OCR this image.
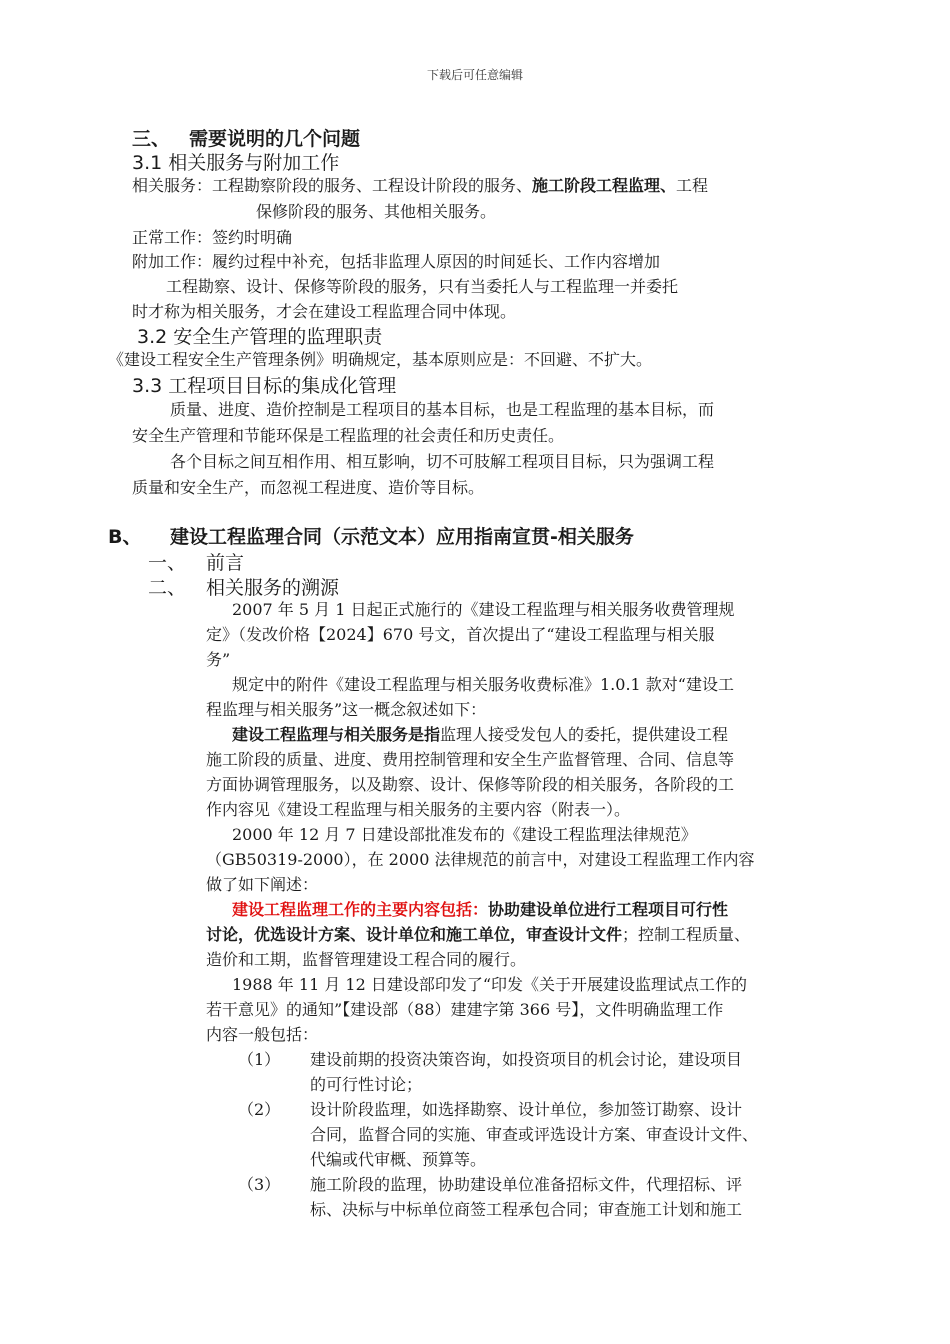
下载后可任意编辑
三、 需要说明的几个问题
3.1 相关服务与附加工作
相关服务：工程勘察阶段的服务、工程设计阶段的服务、施工阶段工程监理、工程
保修阶段的服务、其他相关服务。
正常工作：签约时明确
附加工作：履约过程中补充，包括非监理人原因的时间延长、工作内容增加
工程勘察、设计、保修等阶段的服务，只有当委托人与工程监理一并委托
时才称为相关服务，才会在建设工程监理合同中体现。
3.2 安全生产管理的监理职责
《建设工程安全生产管理条例》明确规定，基本原则应是：不回避、不扩大。
3.3 工程项目目标的集成化管理
质量、进度、造价控制是工程项目的基本目标，也是工程监理的基本目标，而
安全生产管理和节能环保是工程监理的社会责任和历史责任。
各个目标之间互相作用、相互影响，切不可肢解工程项目目标，只为强调工程
质量和安全生产，而忽视工程进度、造价等目标。
B、 建设工程监理合同（示范文本）应用指南宣贯-相关服务
一、 前言
二、 相关服务的溯源
2007 年 5 月 1 日起正式施行的《建设工程监理与相关服务收费管理规
定》（发改价格【2024】670 号文，首次提出了“建设工程监理与相关服
务”
规定中的附件《建设工程监理与相关服务收费标准》1.0.1 款对“建设工
程监理与相关服务”这一概念叙述如下：
建设工程监理与相关服务是指监理人接受发包人的委托，提供建设工程
施工阶段的质量、进度、费用控制管理和安全生产监督管理、合同、信息等
方面协调管理服务，以及勘察、设计、保修等阶段的相关服务，各阶段的工
作内容见《建设工程监理与相关服务的主要内容（附表一）。
2000 年 12 月 7 日建设部批准发布的《建设工程监理法律规范》
（GB50319-2000），在 2000 法律规范的前言中，对建设工程监理工作内容
做了如下阐述：
建设工程监理工作的主要内容包括：协助建设单位进行工程项目可行性
讨论，优选设计方案、设计单位和施工单位，审查设计文件；控制工程质量、
造价和工期，监督管理建设工程合同的履行。
1988 年 11 月 12 日建设部印发了“印发《关于开展建设监理试点工作的
若干意见》的通知”【建设部（88）建建字第 366 号】，文件明确监理工作
内容一般包括：
（1） 建设前期的投资决策咨询，如投资项目的机会讨论，建设项目
的可行性讨论；
（2） 设计阶段监理，如选择勘察、设计单位，参加签订勘察、设计
合同，监督合同的实施、审查或评选设计方案、审查设计文件、
代编或代审概、预算等。
（3） 施工阶段的监理，协助建设单位准备招标文件，代理招标、评
标、决标与中标单位商签工程承包合同；审查施工计划和施工
